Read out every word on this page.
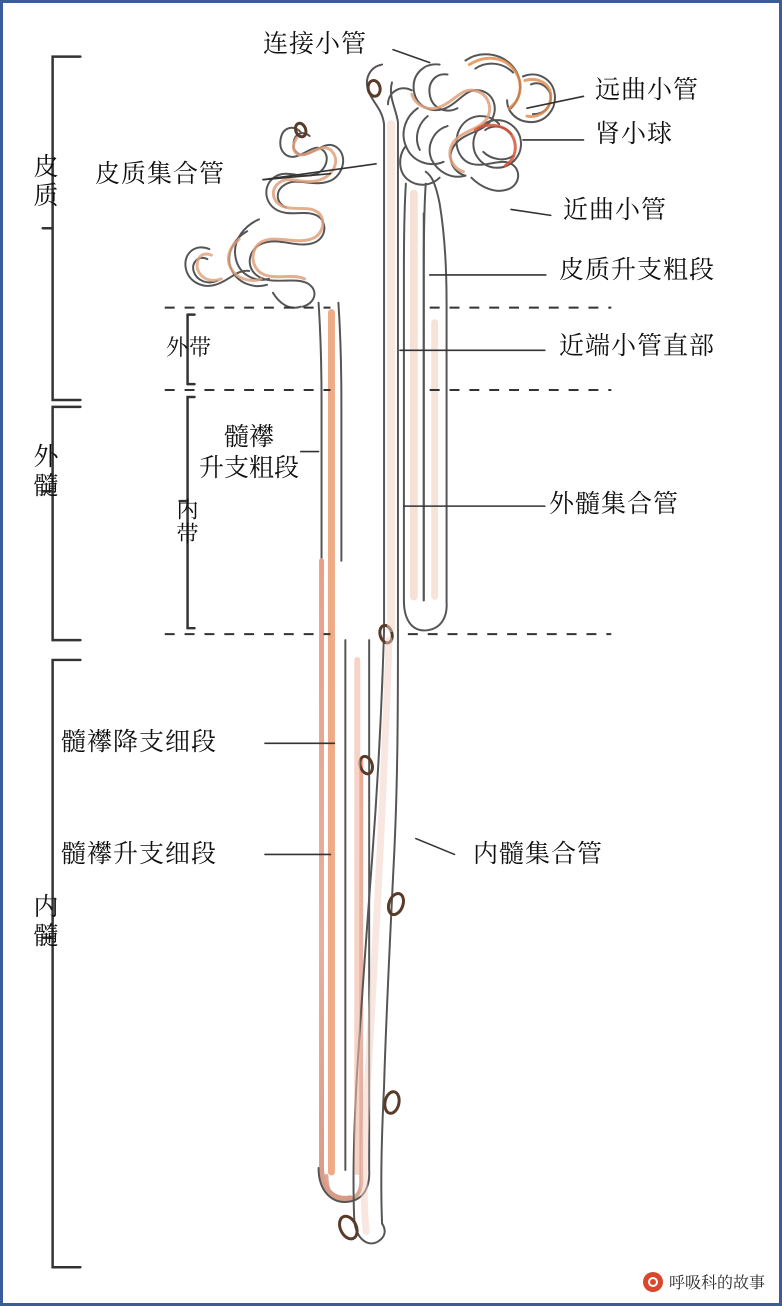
皮质
外髓
内髓
外带
内带
连接小管
远曲小管
肾小球
皮质集合管
近曲小管
皮质升支粗段
近端小管直部
髓襻
升支粗段
外髓集合管
髓襻降支细段
髓襻升支细段	内髓集合管
呼吸科的故事
